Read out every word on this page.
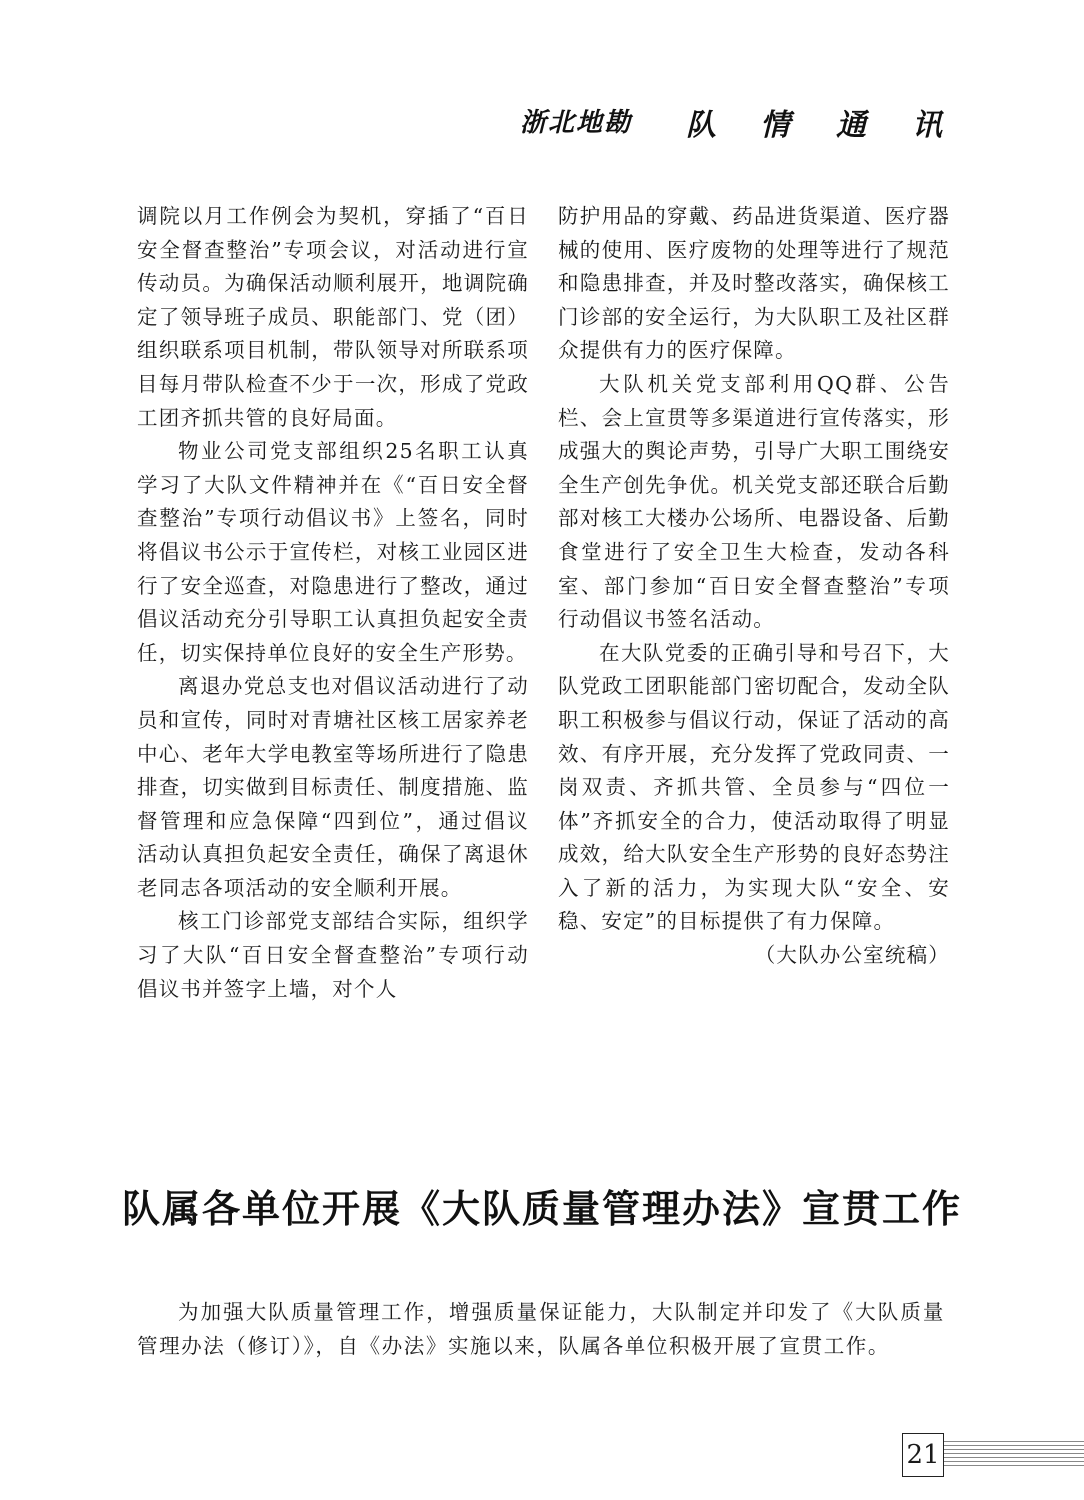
浙北地勘 队 情 通 讯

调院以月工作例会为契机，穿插了“百日安全督查整治”专项会议，对活动进行宣传动员。为确保活动顺利展开，地调院确定了领导班子成员、职能部门、党（团）组织联系项目机制，带队领导对所联系项目每月带队检查不少于一次，形成了党政工团齐抓共管的良好局面。

物业公司党支部组织25名职工认真学习了大队文件精神并在《“百日安全督查整治”专项行动倡议书》上签名，同时将倡议书公示于宣传栏，对核工业园区进行了安全巡查，对隐患进行了整改，通过倡议活动充分引导职工认真担负起安全责任，切实保持单位良好的安全生产形势。

离退办党总支也对倡议活动进行了动员和宣传，同时对青塘社区核工居家养老中心、老年大学电教室等场所进行了隐患排查，切实做到目标责任、制度措施、监督管理和应急保障“四到位”，通过倡议活动认真担负起安全责任，确保了离退休老同志各项活动的安全顺利开展。

核工门诊部党支部结合实际，组织学习了大队“百日安全督查整治”专项行动倡议书并签字上墙，对个人

防护用品的穿戴、药品进货渠道、医疗器械的使用、医疗废物的处理等进行了规范和隐患排查，并及时整改落实，确保核工门诊部的安全运行，为大队职工及社区群众提供有力的医疗保障。

大队机关党支部利用QQ群、公告栏、会上宣贯等多渠道进行宣传落实，形成强大的舆论声势，引导广大职工围绕安全生产创先争优。机关党支部还联合后勤部对核工大楼办公场所、电器设备、后勤食堂进行了安全卫生大检查，发动各科室、部门参加“百日安全督查整治”专项行动倡议书签名活动。

在大队党委的正确引导和号召下，大队党政工团职能部门密切配合，发动全队职工积极参与倡议行动，保证了活动的高效、有序开展，充分发挥了党政同责、一岗双责、齐抓共管、全员参与“四位一体”齐抓安全的合力，使活动取得了明显成效，给大队安全生产形势的良好态势注入了新的活力，为实现大队“安全、安稳、安定”的目标提供了有力保障。

（大队办公室统稿）
队属各单位开展《大队质量管理办法》宣贯工作

为加强大队质量管理工作，增强质量保证能力，大队制定并印发了《大队质量管理办法（修订）》，自《办法》实施以来，队属各单位积极开展了宣贯工作。

21
